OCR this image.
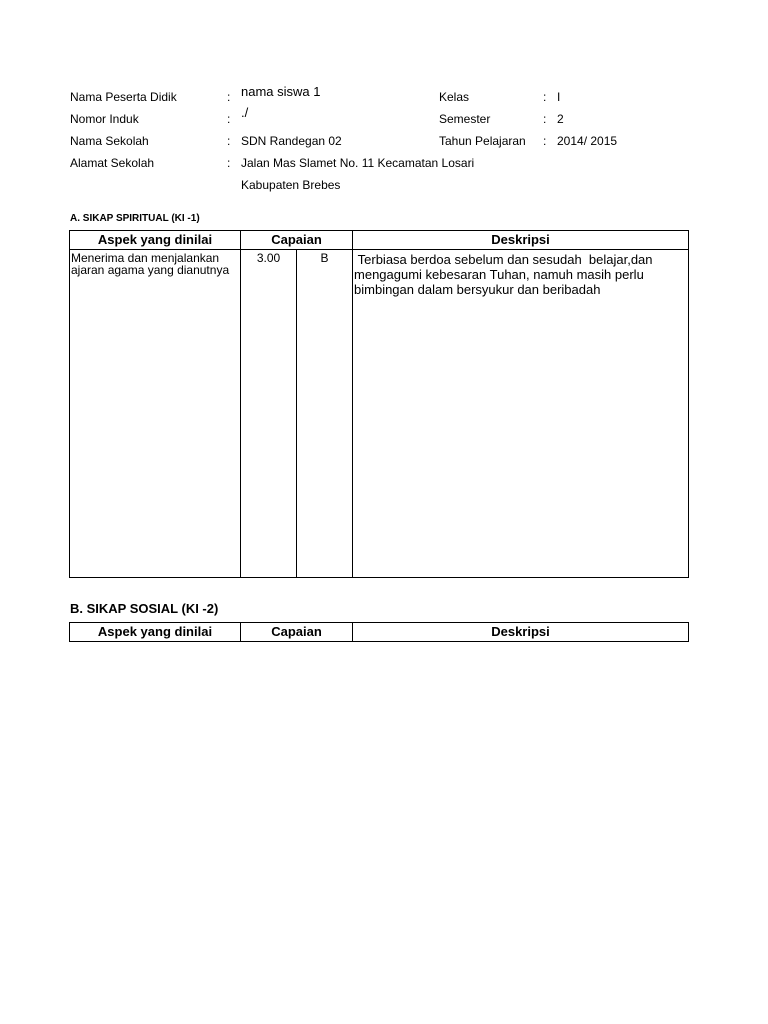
Nama Peserta Didik	: nama siswa 1
Nomor Induk	: ./
Nama Sekolah	: SDN Randegan 02
Alamat Sekolah	: Jalan Mas Slamet No. 11 Kecamatan Losari
Kabupaten Brebes
Kelas	: I
Semester	: 2
Tahun Pelajaran : 2014/ 2015
A. SIKAP SPIRITUAL (KI -1)
Aspek yang dinilai	Capaian		Deskripsi
Menerima dan menjalankan ajaran agama yang dianutnya	3.00	B	Terbiasa berdoa sebelum dan sesudah  belajar,dan mengagumi kebesaran Tuhan, namuh masih perlu bimbingan dalam bersyukur dan beribadah
B. SIKAP SOSIAL (KI -2)
Aspek yang dinilai	Capaian	Deskripsi
